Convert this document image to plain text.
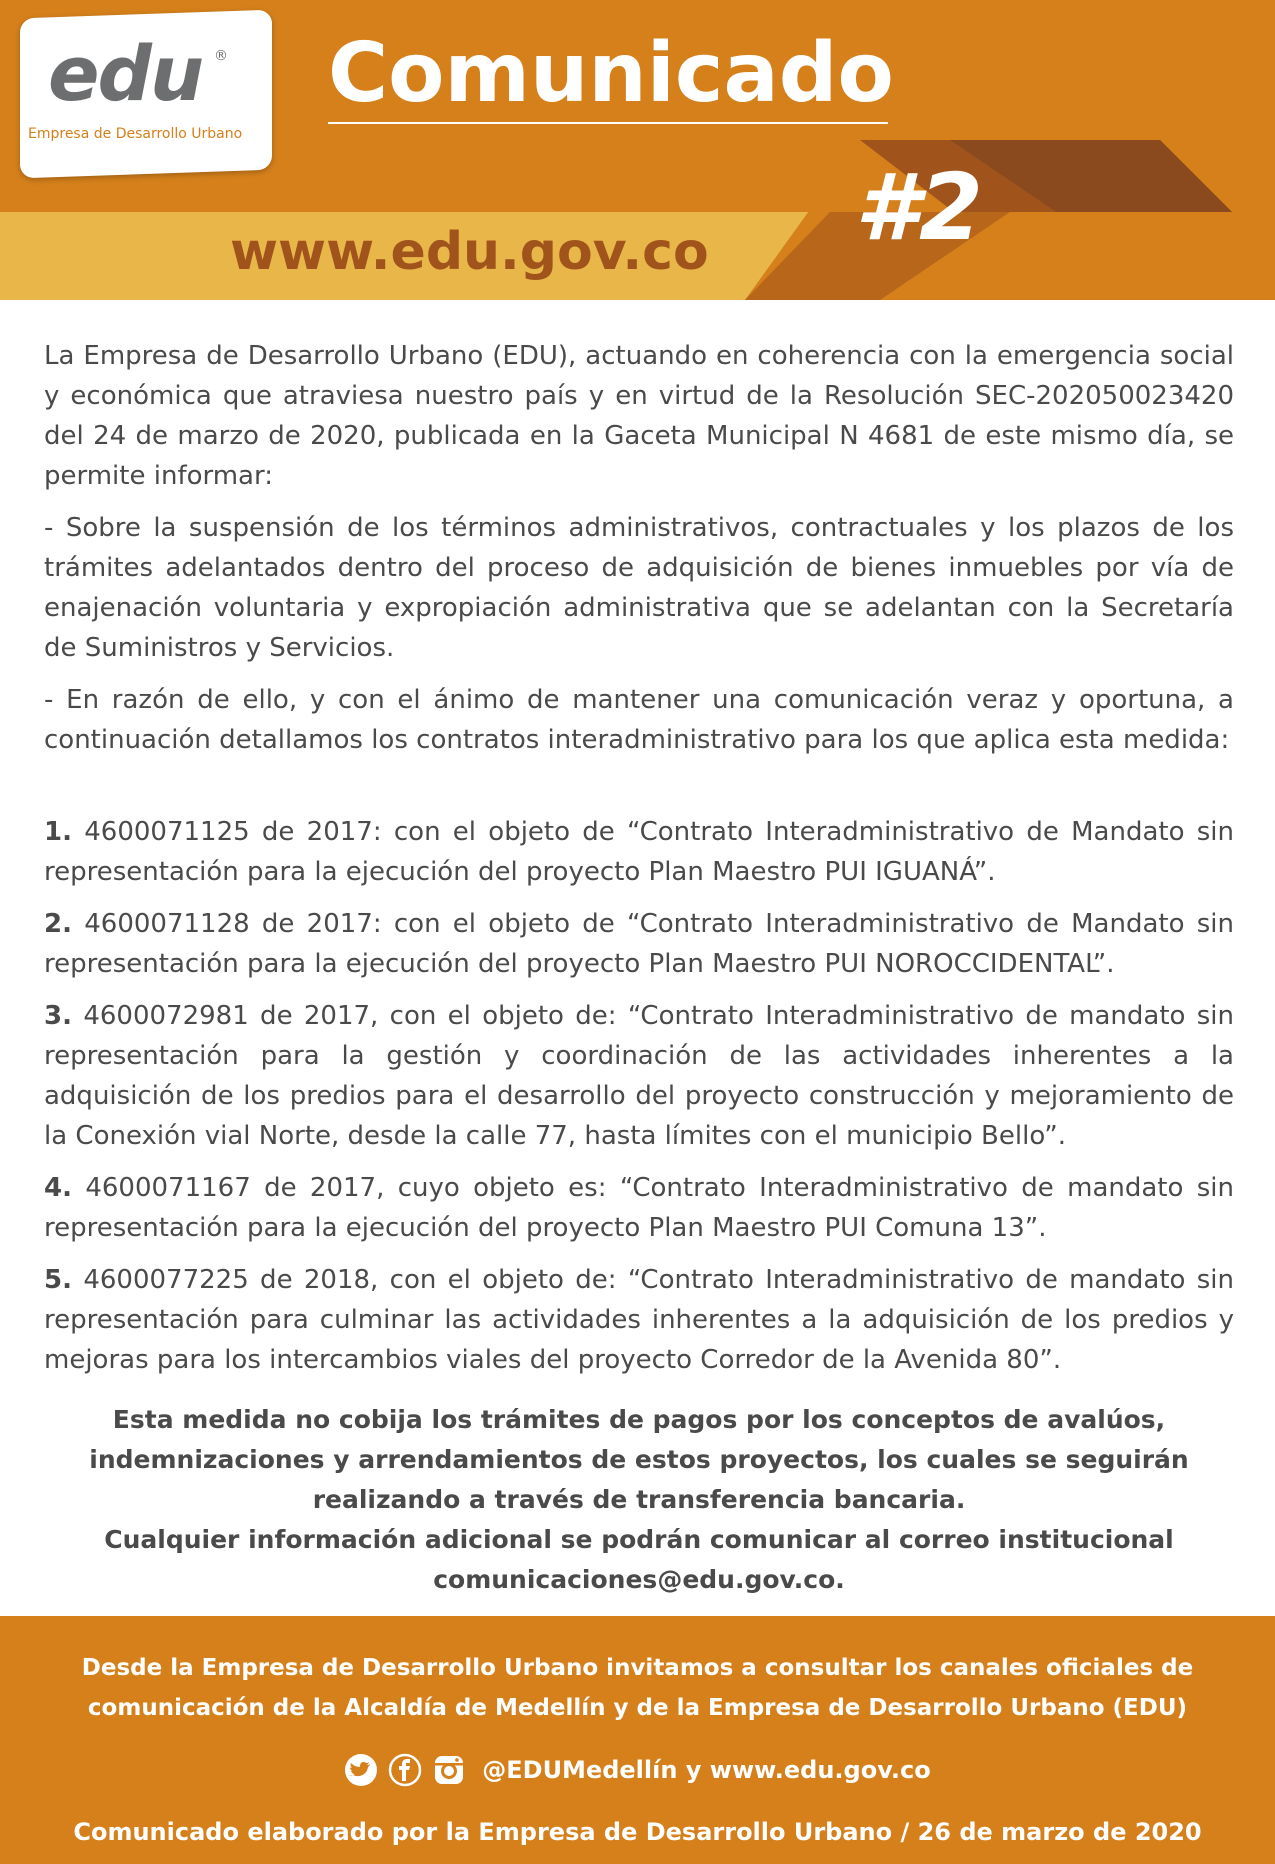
edu ®
Empresa de Desarrollo Urbano
Comunicado
#2
www.edu.gov.co

La Empresa de Desarrollo Urbano (EDU), actuando en coherencia con la emergencia social y económica que atraviesa nuestro país y en virtud de la Resolución SEC-202050023420 del 24 de marzo de 2020, publicada en la Gaceta Municipal N 4681 de este mismo día, se permite informar:

- Sobre la suspensión de los términos administrativos, contractuales y los plazos de los trámites adelantados dentro del proceso de adquisición de bienes inmuebles por vía de enajenación voluntaria y expropiación administrativa que se adelantan con la Secretaría de Suministros y Servicios.

- En razón de ello, y con el ánimo de mantener una comunicación veraz y oportuna, a continuación detallamos los contratos interadministrativo para los que aplica esta medida:

1. 4600071125 de 2017: con el objeto de “Contrato Interadministrativo de Mandato sin representación para la ejecución del proyecto Plan Maestro PUI IGUANÁ”.
2. 4600071128 de 2017: con el objeto de “Contrato Interadministrativo de Mandato sin representación para la ejecución del proyecto Plan Maestro PUI NOROCCIDENTAL”.
3. 4600072981 de 2017, con el objeto de: “Contrato Interadministrativo de mandato sin representación para la gestión y coordinación de las actividades inherentes a la adquisición de los predios para el desarrollo del proyecto construcción y mejoramiento de la Conexión vial Norte, desde la calle 77, hasta límites con el municipio Bello”.
4. 4600071167 de 2017, cuyo objeto es: “Contrato Interadministrativo de mandato sin representación para la ejecución del proyecto Plan Maestro PUI Comuna 13”.
5. 4600077225 de 2018, con el objeto de: “Contrato Interadministrativo de mandato sin representación para culminar las actividades inherentes a la adquisición de los predios y mejoras para los intercambios viales del proyecto Corredor de la Avenida 80”.
Esta medida no cobija los trámites de pagos por los conceptos de avalúos, indemnizaciones y arrendamientos de estos proyectos, los cuales se seguirán realizando a través de transferencia bancaria.
Cualquier información adicional se podrán comunicar al correo institucional comunicaciones@edu.gov.co.
Desde la Empresa de Desarrollo Urbano invitamos a consultar los canales oficiales de
comunicación de la Alcaldía de Medellín y de la Empresa de Desarrollo Urbano (EDU)
@EDUMedellín y www.edu.gov.co
Comunicado elaborado por la Empresa de Desarrollo Urbano / 26 de marzo de 2020
